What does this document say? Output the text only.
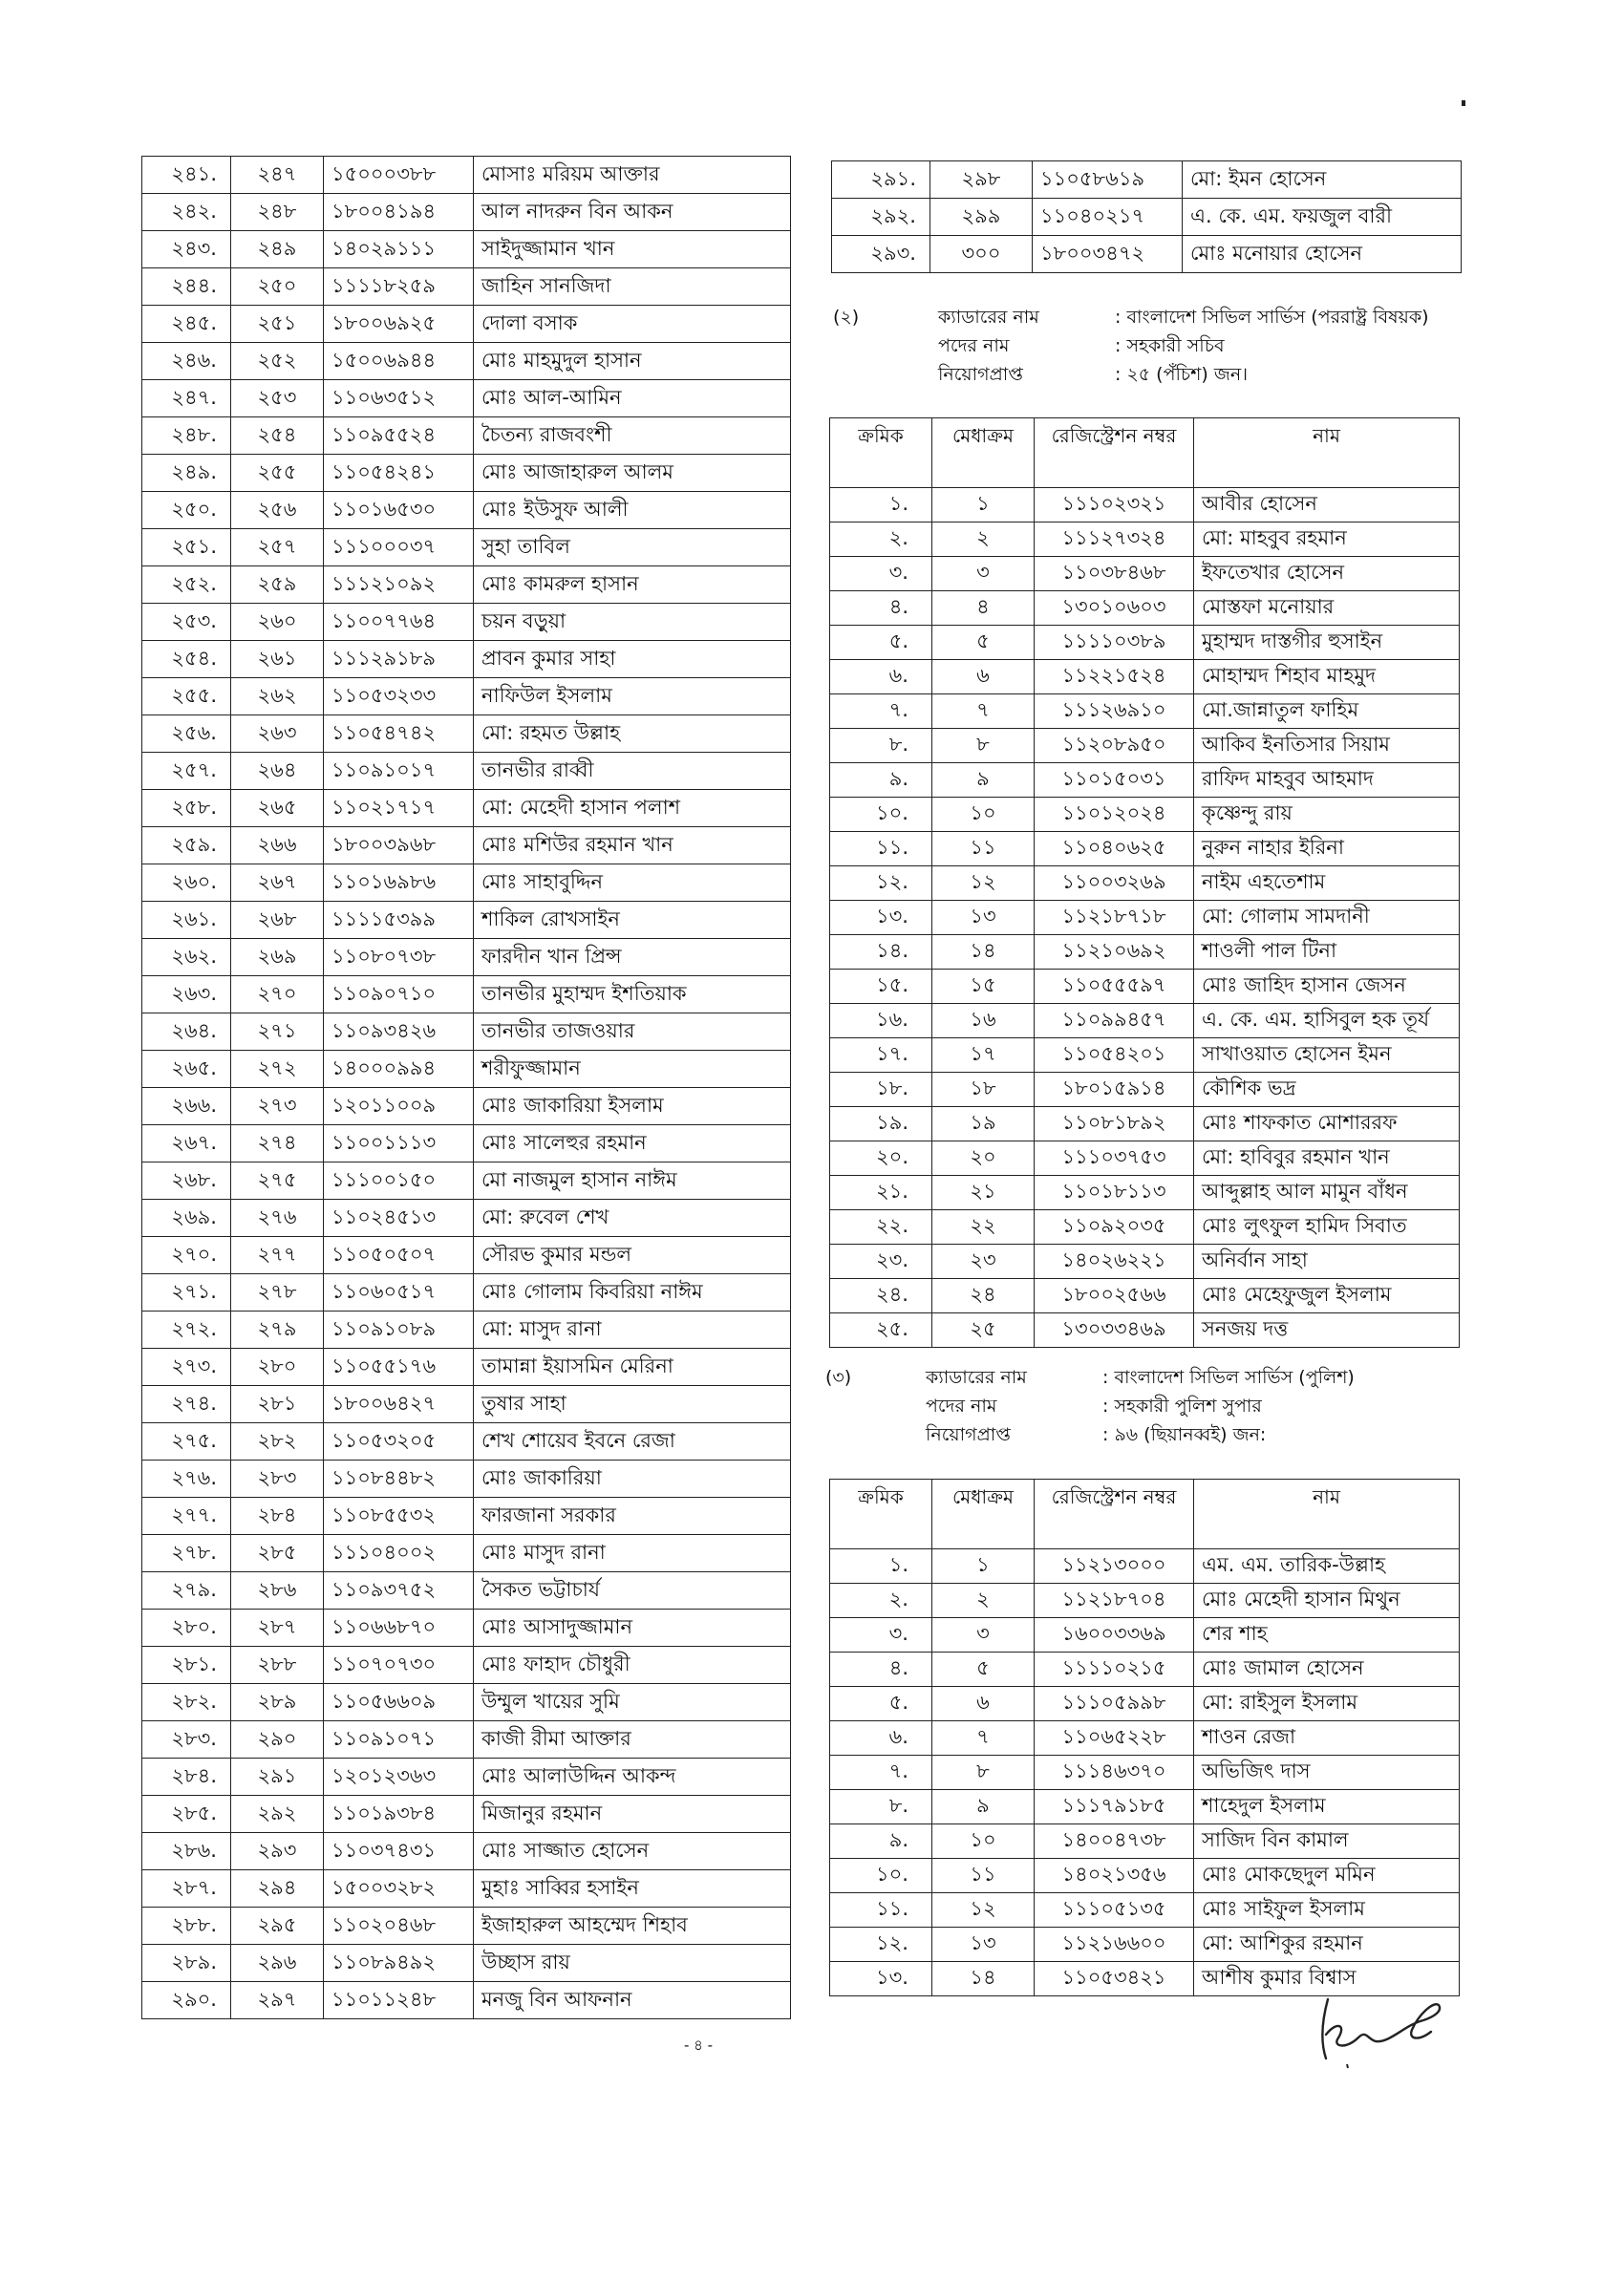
২৪১.	২৪৭	১৫০০০৩৮৮	মোসাঃ মরিয়ম আক্তার
২৪২.	২৪৮	১৮০০৪১৯৪	আল নাদরুন বিন আকন
২৪৩.	২৪৯	১৪০২৯১১১	সাইদুজ্জামান খান
২৪৪.	২৫০	১১১১৮২৫৯	জাহিন সানজিদা
২৪৫.	২৫১	১৮০০৬৯২৫	দোলা বসাক
২৪৬.	২৫২	১৫০০৬৯৪৪	মোঃ মাহমুদুল হাসান
২৪৭.	২৫৩	১১০৬৩৫১২	মোঃ আল-আমিন
২৪৮.	২৫৪	১১০৯৫৫২৪	চৈতন্য রাজবংশী
২৪৯.	২৫৫	১১০৫৪২৪১	মোঃ আজাহারুল আলম
২৫০.	২৫৬	১১০১৬৫৩০	মোঃ ইউসুফ আলী
২৫১.	২৫৭	১১১০০০৩৭	সুহা তাবিল
২৫২.	২৫৯	১১১২১০৯২	মোঃ কামরুল হাসান
২৫৩.	২৬০	১১০০৭৭৬৪	চয়ন বড়ুয়া
২৫৪.	২৬১	১১১২৯১৮৯	প্রাবন কুমার সাহা
২৫৫.	২৬২	১১০৫৩২৩৩	নাফিউল ইসলাম
২৫৬.	২৬৩	১১০৫৪৭৪২	মো: রহমত উল্লাহ
২৫৭.	২৬৪	১১০৯১০১৭	তানভীর রাব্বী
২৫৮.	২৬৫	১১০২১৭১৭	মো: মেহেদী হাসান পলাশ
২৫৯.	২৬৬	১৮০০৩৯৬৮	মোঃ মশিউর রহমান খান
২৬০.	২৬৭	১১০১৬৯৮৬	মোঃ সাহাবুদ্দিন
২৬১.	২৬৮	১১১১৫৩৯৯	শাকিল রোখসাইন
২৬২.	২৬৯	১১০৮০৭৩৮	ফারদীন খান প্রিন্স
২৬৩.	২৭০	১১০৯০৭১০	তানভীর মুহাম্মদ ইশতিয়াক
২৬৪.	২৭১	১১০৯৩৪২৬	তানভীর তাজওয়ার
২৬৫.	২৭২	১৪০০০৯৯৪	শরীফুজ্জামান
২৬৬.	২৭৩	১২০১১০০৯	মোঃ জাকারিয়া ইসলাম
২৬৭.	২৭৪	১১০০১১১৩	মোঃ সালেহুর রহমান
২৬৮.	২৭৫	১১১০০১৫০	মো নাজমুল হাসান নাঈম
২৬৯.	২৭৬	১১০২৪৫১৩	মো: রুবেল শেখ
২৭০.	২৭৭	১১০৫০৫০৭	সৌরভ কুমার মন্ডল
২৭১.	২৭৮	১১০৬০৫১৭	মোঃ গোলাম কিবরিয়া নাঈম
২৭২.	২৭৯	১১০৯১০৮৯	মো: মাসুদ রানা
২৭৩.	২৮০	১১০৫৫১৭৬	তামান্না ইয়াসমিন মেরিনা
২৭৪.	২৮১	১৮০০৬৪২৭	তুষার সাহা
২৭৫.	২৮২	১১০৫৩২০৫	শেখ শোয়েব ইবনে রেজা
২৭৬.	২৮৩	১১০৮৪৪৮২	মোঃ জাকারিয়া
২৭৭.	২৮৪	১১০৮৫৫৩২	ফারজানা সরকার
২৭৮.	২৮৫	১১১০৪০০২	মোঃ মাসুদ রানা
২৭৯.	২৮৬	১১০৯৩৭৫২	সৈকত ভট্টাচার্য
২৮০.	২৮৭	১১০৬৬৮৭০	মোঃ আসাদুজ্জামান
২৮১.	২৮৮	১১০৭০৭৩০	মোঃ ফাহাদ চৌধুরী
২৮২.	২৮৯	১১০৫৬৬০৯	উম্মুল খায়ের সুমি
২৮৩.	২৯০	১১০৯১০৭১	কাজী রীমা আক্তার
২৮৪.	২৯১	১২০১২৩৬৩	মোঃ আলাউদ্দিন আকন্দ
২৮৫.	২৯২	১১০১৯৩৮৪	মিজানুর রহমান
২৮৬.	২৯৩	১১০৩৭৪৩১	মোঃ সাজ্জাত হোসেন
২৮৭.	২৯৪	১৫০০৩২৮২	মুহাঃ সাব্বির হসাইন
২৮৮.	২৯৫	১১০২০৪৬৮	ইজাহারুল আহম্মেদ শিহাব
২৮৯.	২৯৬	১১০৮৯৪৯২	উচ্ছাস রায়
২৯০.	২৯৭	১১০১১২৪৮	মনজু বিন আফনান
২৯১.	২৯৮	১১০৫৮৬১৯	মো: ইমন হোসেন
২৯২.	২৯৯	১১০৪০২১৭	এ. কে. এম. ফয়জুল বারী
২৯৩.	৩০০	১৮০০৩৪৭২	মোঃ মনোয়ার হোসেন
(২)	ক্যাডারের নাম	: বাংলাদেশ সিভিল সার্ভিস (পররাষ্ট্র বিষয়ক)
পদের নাম	: সহকারী সচিব
নিয়োগপ্রাপ্ত	: ২৫ (পঁচিশ) জন।
ক্রমিক	মেধাক্রম	রেজিস্ট্রেশন নম্বর	নাম
১.	১	১১১০২৩২১	আবীর হোসেন
২.	২	১১১২৭৩২৪	মো: মাহবুব রহমান
৩.	৩	১১০৩৮৪৬৮	ইফতেখার হোসেন
৪.	৪	১৩০১০৬০৩	মোস্তফা মনোয়ার
৫.	৫	১১১১০৩৮৯	মুহাম্মদ দাস্তগীর হুসাইন
৬.	৬	১১২২১৫২৪	মোহাম্মদ শিহাব মাহমুদ
৭.	৭	১১১২৬৯১০	মো.জান্নাতুল ফাহিম
৮.	৮	১১২০৮৯৫০	আকিব ইনতিসার সিয়াম
৯.	৯	১১০১৫০৩১	রাফিদ মাহবুব আহমাদ
১০.	১০	১১০১২০২৪	কৃষ্ণেন্দু রায়
১১.	১১	১১০৪০৬২৫	নুরুন নাহার ইরিনা
১২.	১২	১১০০৩২৬৯	নাইম এহতেশাম
১৩.	১৩	১১২১৮৭১৮	মো: গোলাম সামদানী
১৪.	১৪	১১২১০৬৯২	শাওলী পাল টিনা
১৫.	১৫	১১০৫৫৫৯৭	মোঃ জাহিদ হাসান জেসন
১৬.	১৬	১১০৯৯৪৫৭	এ. কে. এম. হাসিবুল হক তূর্য
১৭.	১৭	১১০৫৪২০১	সাখাওয়াত হোসেন ইমন
১৮.	১৮	১৮০১৫৯১৪	কৌশিক ভদ্র
১৯.	১৯	১১০৮১৮৯২	মোঃ শাফকাত মোশাররফ
২০.	২০	১১১০৩৭৫৩	মো: হাবিবুর রহমান খান
২১.	২১	১১০১৮১১৩	আব্দুল্লাহ আল মামুন বাঁধন
২২.	২২	১১০৯২০৩৫	মোঃ লুৎফুল হামিদ সিবাত
২৩.	২৩	১৪০২৬২২১	অনির্বান সাহা
২৪.	২৪	১৮০০২৫৬৬	মোঃ মেহেফুজুল ইসলাম
২৫.	২৫	১৩০৩৩৪৬৯	সনজয় দত্ত
(৩)	ক্যাডারের নাম	: বাংলাদেশ সিভিল সার্ভিস (পুলিশ)
পদের নাম	: সহকারী পুলিশ সুপার
নিয়োগপ্রাপ্ত	: ৯৬ (ছিয়ানব্বই) জন:
ক্রমিক	মেধাক্রম	রেজিস্ট্রেশন নম্বর	নাম
১.	১	১১২১৩০০০	এম. এম. তারিক-উল্লাহ
২.	২	১১২১৮৭০৪	মোঃ মেহেদী হাসান মিথুন
৩.	৩	১৬০০৩৩৬৯	শের শাহ
৪.	৫	১১১১০২১৫	মোঃ জামাল হোসেন
৫.	৬	১১১০৫৯৯৮	মো: রাইসুল ইসলাম
৬.	৭	১১০৬৫২২৮	শাওন রেজা
৭.	৮	১১১৪৬৩৭০	অভিজিৎ দাস
৮.	৯	১১১৭৯১৮৫	শাহেদুল ইসলাম
৯.	১০	১৪০০৪৭৩৮	সাজিদ বিন কামাল
১০.	১১	১৪০২১৩৫৬	মোঃ মোকছেদুল মমিন
১১.	১২	১১১০৫১৩৫	মোঃ সাইফুল ইসলাম
১২.	১৩	১১২১৬৬০০	মো: আশিকুর রহমান
১৩.	১৪	১১০৫৩৪২১	আশীষ কুমার বিশ্বাস
- ৪ -
